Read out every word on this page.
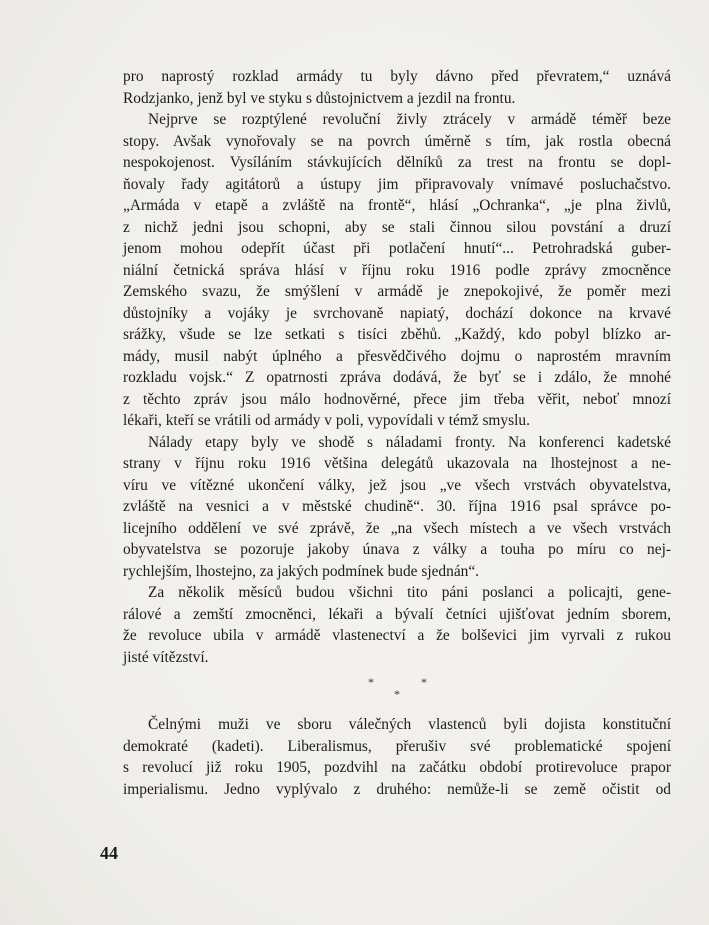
pro naprostý rozklad armády tu byly dávno před převratem,“ uznává
Rodzjanko, jenž byl ve styku s důstojnictvem a jezdil na frontu.
Nejprve se rozptýlené revoluční živly ztrácely v armádě téměř beze
stopy. Avšak vynořovaly se na povrch úměrně s tím, jak rostla obecná
nespokojenost. Vysíláním stávkujících dělníků za trest na frontu se dopl-
ňovaly řady agitátorů a ústupy jim připravovaly vnímavé posluchačstvo.
„Armáda v etapě a zvláště na frontě“, hlásí „Ochranka“, „je plna živlů,
z nichž jedni jsou schopni, aby se stali činnou silou povstání a druzí
jenom mohou odepřít účast při potlačení hnutí“... Petrohradská guber-
niální četnická správa hlásí v říjnu roku 1916 podle zprávy zmocněnce
Zemského svazu, že smýšlení v armádě je znepokojivé, že poměr mezi
důstojníky a vojáky je svrchovaně napiatý, dochází dokonce na krvavé
srážky, všude se lze setkati s tisíci zběhů. „Každý, kdo pobyl blízko ar-
mády, musil nabýt úplného a přesvědčivého dojmu o naprostém mravním
rozkladu vojsk.“ Z opatrnosti zpráva dodává, že byť se i zdálo, že mnohé
z těchto zpráv jsou málo hodnověrné, přece jim třeba věřit, neboť mnozí
lékaři, kteří se vrátili od armády v poli, vypovídali v témž smyslu.
Nálady etapy byly ve shodě s náladami fronty. Na konferenci kadetské
strany v říjnu roku 1916 většina delegátů ukazovala na lhostejnost a ne-
víru ve vítězné ukončení války, jež jsou „ve všech vrstvách obyvatelstva,
zvláště na vesnici a v městské chudině“. 30. října 1916 psal správce po-
licejního oddělení ve své zprávě, že „na všech místech a ve všech vrstvách
obyvatelstva se pozoruje jakoby únava z války a touha po míru co nej-
rychlejším, lhostejno, za jakých podmínek bude sjednán“.
Za několik měsíců budou všichni tito páni poslanci a policajti, gene-
rálové a zemští zmocněnci, lékaři a bývalí četníci ujišťovat jedním sborem,
že revoluce ubila v armádě vlastenectví a že bolševici jim vyrvali z rukou
jisté vítězství.
*	*
*
Čelnými muži ve sboru válečných vlastenců byli dojista konstituční
demokraté (kadeti). Liberalismus, přerušiv své problematické spojení
s revolucí již roku 1905, pozdvihl na začátku období protirevoluce prapor
imperialismu. Jedno vyplývalo z druhého: nemůže-li se země očistit od
44
